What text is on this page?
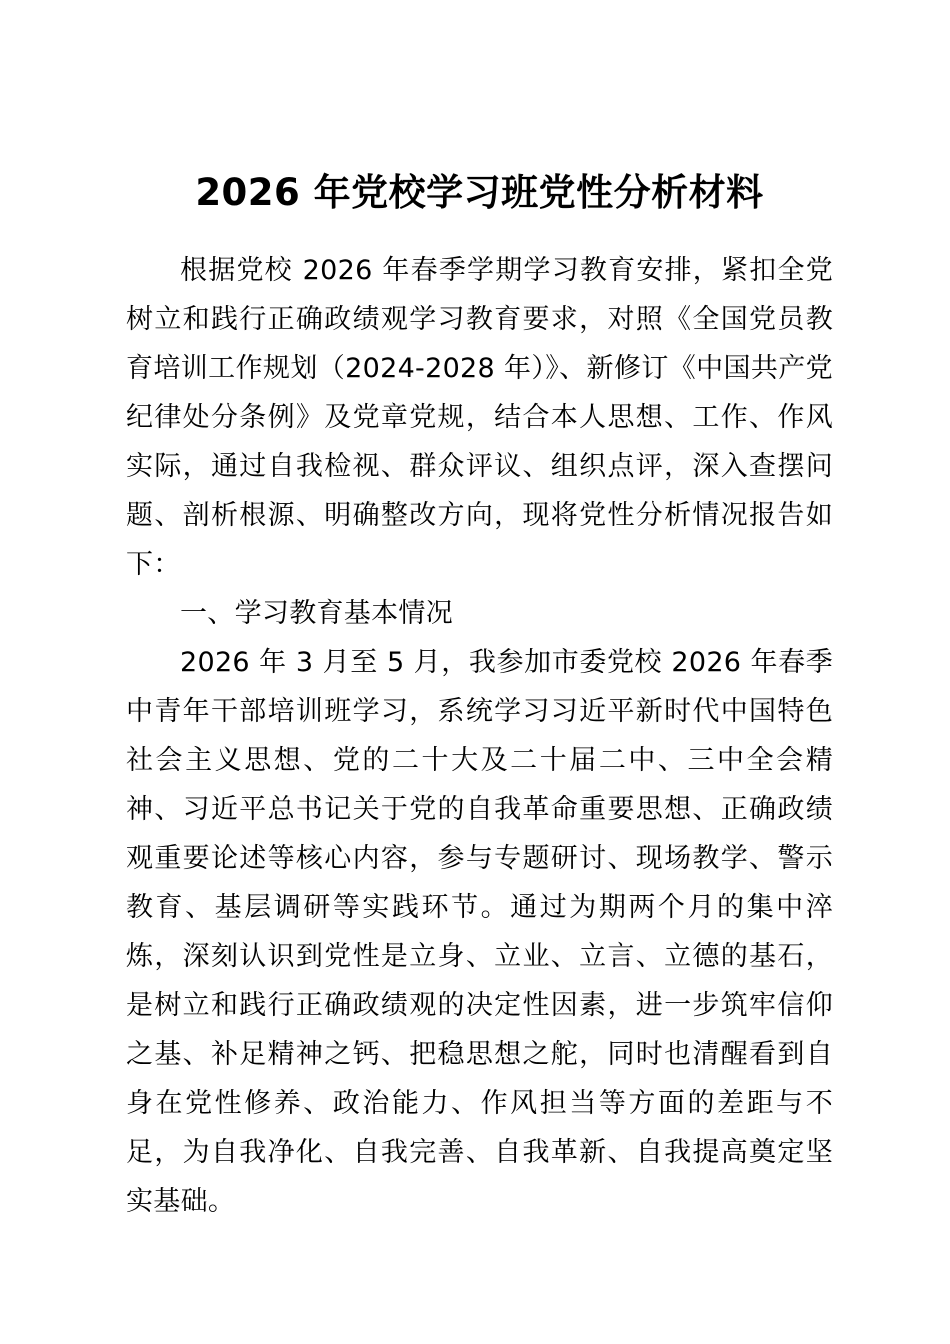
2026 年党校学习班党性分析材料

根据党校 2026 年春季学期学习教育安排，紧扣全党树立和践行正确政绩观学习教育要求，对照《全国党员教育培训工作规划（2024-2028 年）》、新修订《中国共产党纪律处分条例》及党章党规，结合本人思想、工作、作风实际，通过自我检视、群众评议、组织点评，深入查摆问题、剖析根源、明确整改方向，现将党性分析情况报告如下：

一、学习教育基本情况

2026 年 3 月至 5 月，我参加市委党校 2026 年春季中青年干部培训班学习，系统学习习近平新时代中国特色社会主义思想、党的二十大及二十届二中、三中全会精神、习近平总书记关于党的自我革命重要思想、正确政绩观重要论述等核心内容，参与专题研讨、现场教学、警示教育、基层调研等实践环节。通过为期两个月的集中淬炼，深刻认识到党性是立身、立业、立言、立德的基石，是树立和践行正确政绩观的决定性因素，进一步筑牢信仰之基、补足精神之钙、把稳思想之舵，同时也清醒看到自身在党性修养、政治能力、作风担当等方面的差距与不足，为自我净化、自我完善、自我革新、自我提高奠定坚实基础。
